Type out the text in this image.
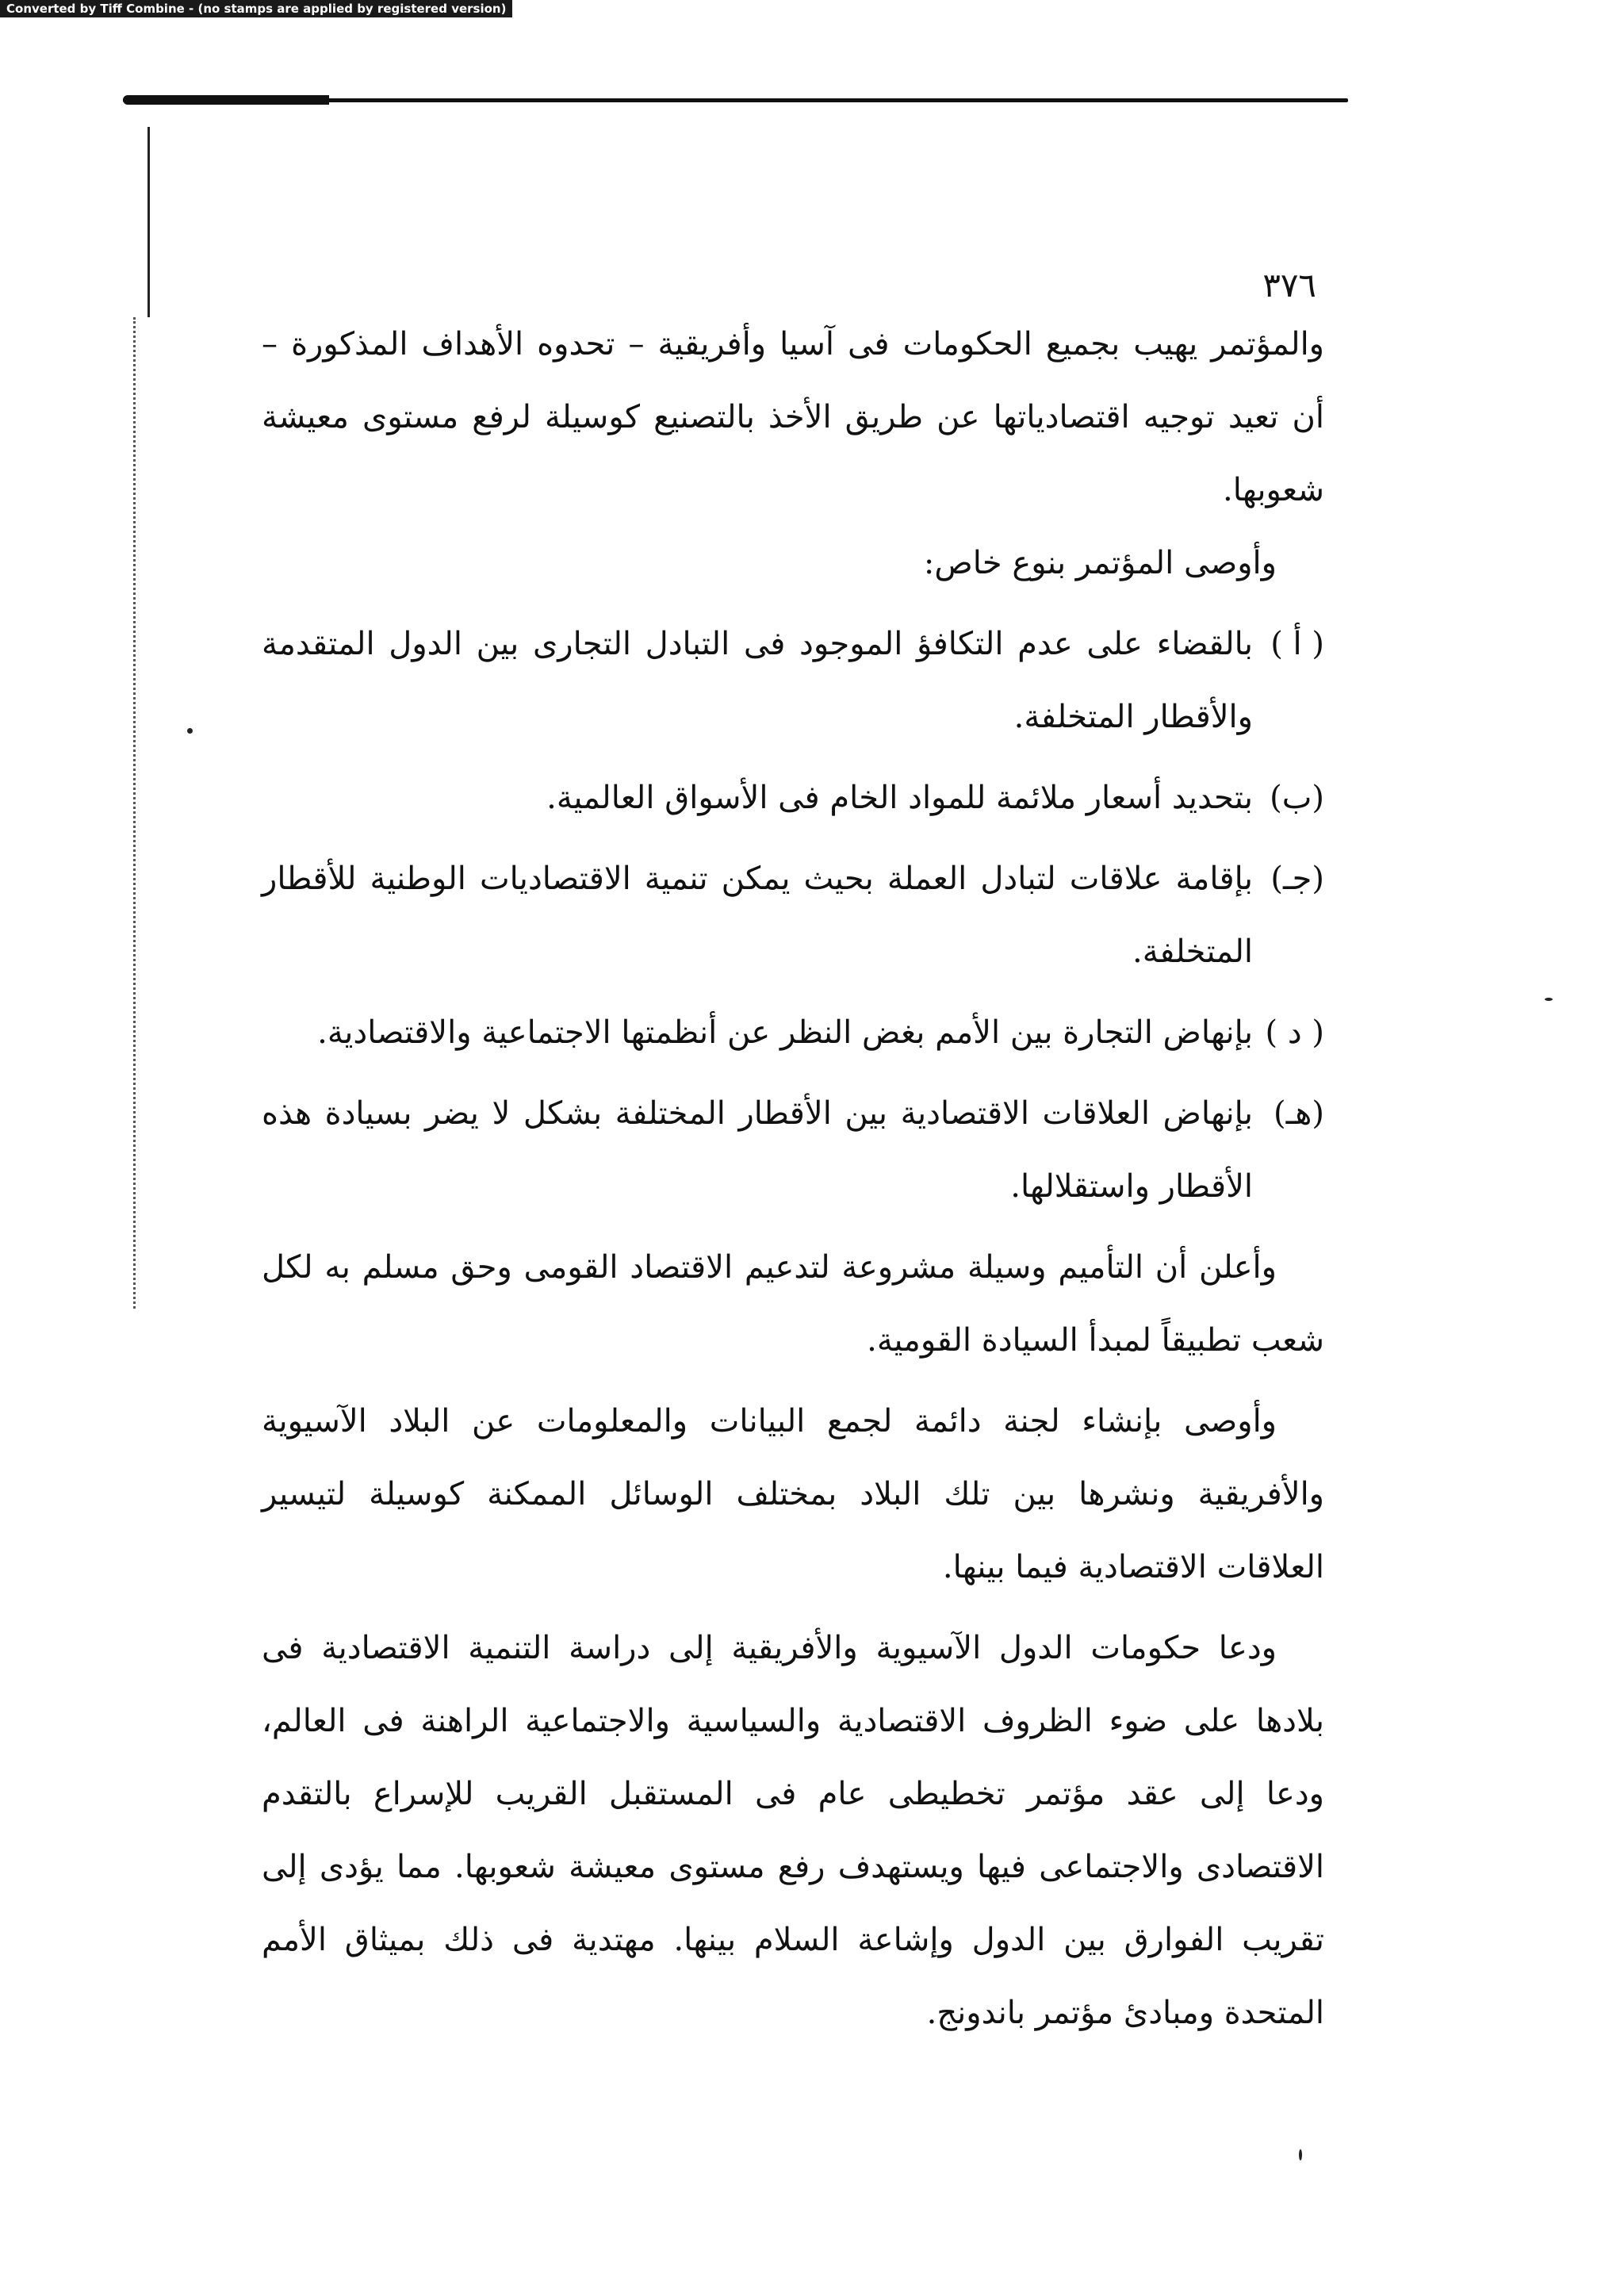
Converted by Tiff Combine - (no stamps are applied by registered version)
٣٧٦

والمؤتمر يهيب بجميع الحكومات فى آسيا وأفريقية – تحدوه الأهداف المذكورة – أن تعيد توجيه اقتصادياتها عن طريق الأخذ بالتصنيع كوسيلة لرفع مستوى معيشة شعوبها.

وأوصى المؤتمر بنوع خاص:

( أ )
بالقضاء على عدم التكافؤ الموجود فى التبادل التجارى بين الدول المتقدمة والأقطار المتخلفة.
(ب)
بتحديد أسعار ملائمة للمواد الخام فى الأسواق العالمية.
(جـ)
بإقامة علاقات لتبادل العملة بحيث يمكن تنمية الاقتصاديات الوطنية للأقطار المتخلفة.
( د )
بإنهاض التجارة بين الأمم بغض النظر عن أنظمتها الاجتماعية والاقتصادية.
(هـ)
بإنهاض العلاقات الاقتصادية بين الأقطار المختلفة بشكل لا يضر بسيادة هذه الأقطار واستقلالها.

وأعلن أن التأميم وسيلة مشروعة لتدعيم الاقتصاد القومى وحق مسلم به لكل شعب تطبيقاً لمبدأ السيادة القومية.

وأوصى بإنشاء لجنة دائمة لجمع البيانات والمعلومات عن البلاد الآسيوية والأفريقية ونشرها بين تلك البلاد بمختلف الوسائل الممكنة كوسيلة لتيسير العلاقات الاقتصادية فيما بينها.

ودعا حكومات الدول الآسيوية والأفريقية إلى دراسة التنمية الاقتصادية فى بلادها على ضوء الظروف الاقتصادية والسياسية والاجتماعية الراهنة فى العالم، ودعا إلى عقد مؤتمر تخطيطى عام فى المستقبل القريب للإسراع بالتقدم الاقتصادى والاجتماعى فيها ويستهدف رفع مستوى معيشة شعوبها. مما يؤدى إلى تقريب الفوارق بين الدول وإشاعة السلام بينها. مهتدية فى ذلك بميثاق الأمم المتحدة ومبادئ مؤتمر باندونج.
